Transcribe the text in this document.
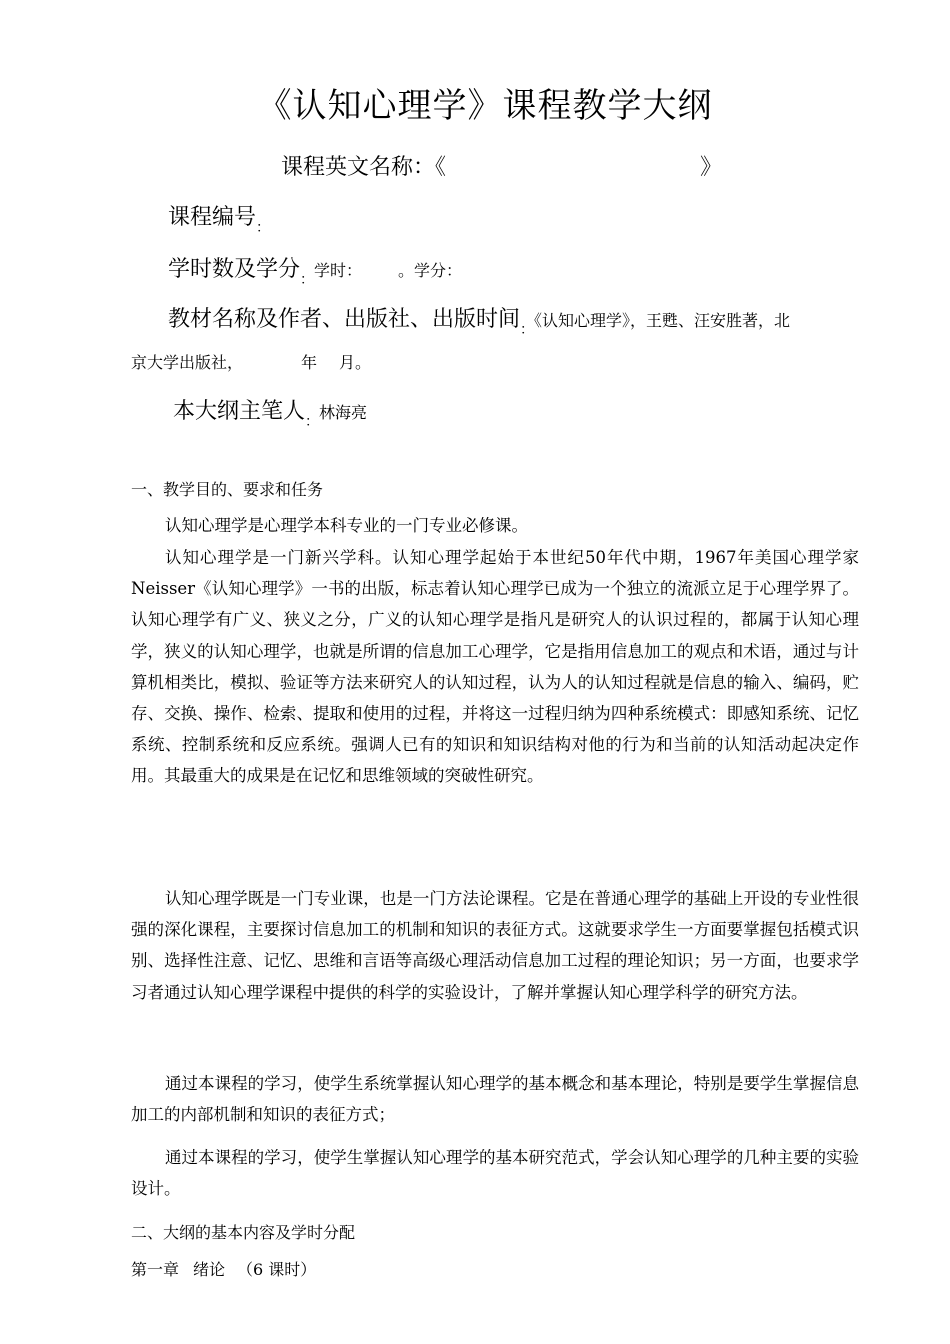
《认知心理学》课程教学大纲
课程英文名称：《	》
课程编号：
学时数及学分：学时： 。学分：
教材名称及作者、出版社、出版时间：《认知心理学》，王甦、汪安胜著，北
京大学出版社，	年 月。
本大纲主笔人：林海亮
一、教学目的、要求和任务

认知心理学是心理学本科专业的一门专业必修课。

认知心理学是一门新兴学科。认知心理学起始于本世纪50年代中期，1967年美国心理学家 Neisser《认知心理学》一书的出版，标志着认知心理学已成为一个独立的流派立足于心理学界了。认知心理学有广义、狭义之分，广义的认知心理学是指凡是研究人的认识过程的，都属于认知心理学，狭义的认知心理学，也就是所谓的信息加工心理学，它是指用信息加工的观点和术语，通过与计算机相类比，模拟、验证等方法来研究人的认知过程，认为人的认知过程就是信息的输入、编码，贮存、交换、操作、检索、提取和使用的过程，并将这一过程归纳为四种系统模式：即感知系统、记忆系统、控制系统和反应系统。强调人已有的知识和知识结构对他的行为和当前的认知活动起决定作用。其最重大的成果是在记忆和思维领域的突破性研究。

认知心理学既是一门专业课，也是一门方法论课程。它是在普通心理学的基础上开设的专业性很强的深化课程，主要探讨信息加工的机制和知识的表征方式。这就要求学生一方面要掌握包括模式识别、选择性注意、记忆、思维和言语等高级心理活动信息加工过程的理论知识；另一方面，也要求学习者通过认知心理学课程中提供的科学的实验设计，了解并掌握认知心理学科学的研究方法。

通过本课程的学习，使学生系统掌握认知心理学的基本概念和基本理论，特别是要学生掌握信息加工的内部机制和知识的表征方式；

通过本课程的学习，使学生掌握认知心理学的基本研究范式，学会认知心理学的几种主要的实验设计。

二、大纲的基本内容及学时分配
第一章 绪论 （6 课时）
